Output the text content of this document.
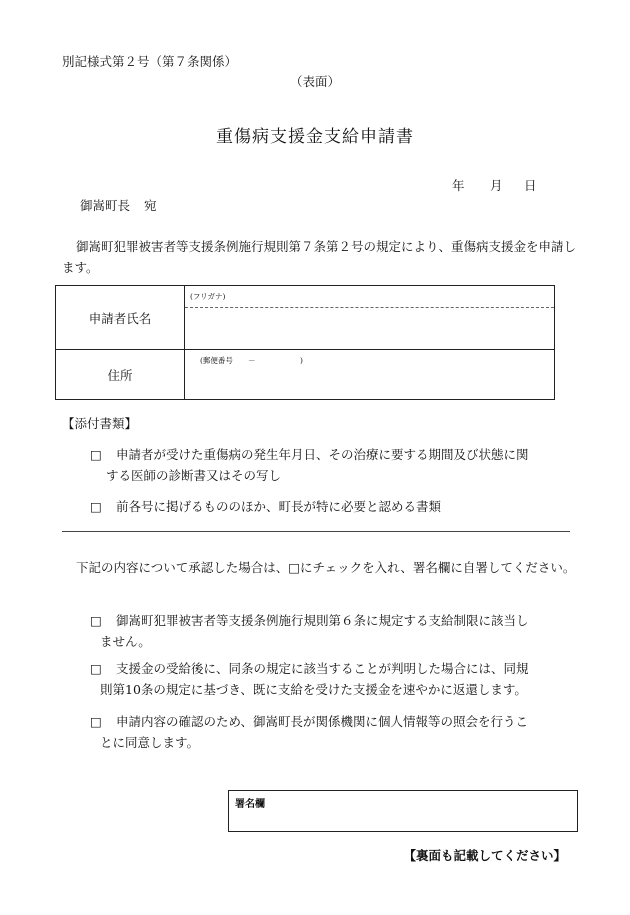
別記様式第２号（第７条関係）
（表面）
重傷病支援金支給申請書
年 月 日
御嵩町長 宛
御嵩町犯罪被害者等支援条例施行規則第７条第２号の規定により、重傷病支援金を申請します。
申請者氏名
(フリガナ)
住所
(郵便番号 －	)
【添付書類】
□ 申請者が受けた重傷病の発生年月日、その治療に要する期間及び状態に関
する医師の診断書又はその写し
□ 前各号に掲げるもののほか、町長が特に必要と認める書類
下記の内容について承認した場合は、□にチェックを入れ、署名欄に自署してください。
□ 御嵩町犯罪被害者等支援条例施行規則第６条に規定する支給制限に該当し
ません。
□ 支援金の受給後に、同条の規定に該当することが判明した場合には、同規
則第10条の規定に基づき、既に支給を受けた支援金を速やかに返還します。
□ 申請内容の確認のため、御嵩町長が関係機関に個人情報等の照会を行うこ
とに同意します。
署名欄
【裏面も記載してください】
